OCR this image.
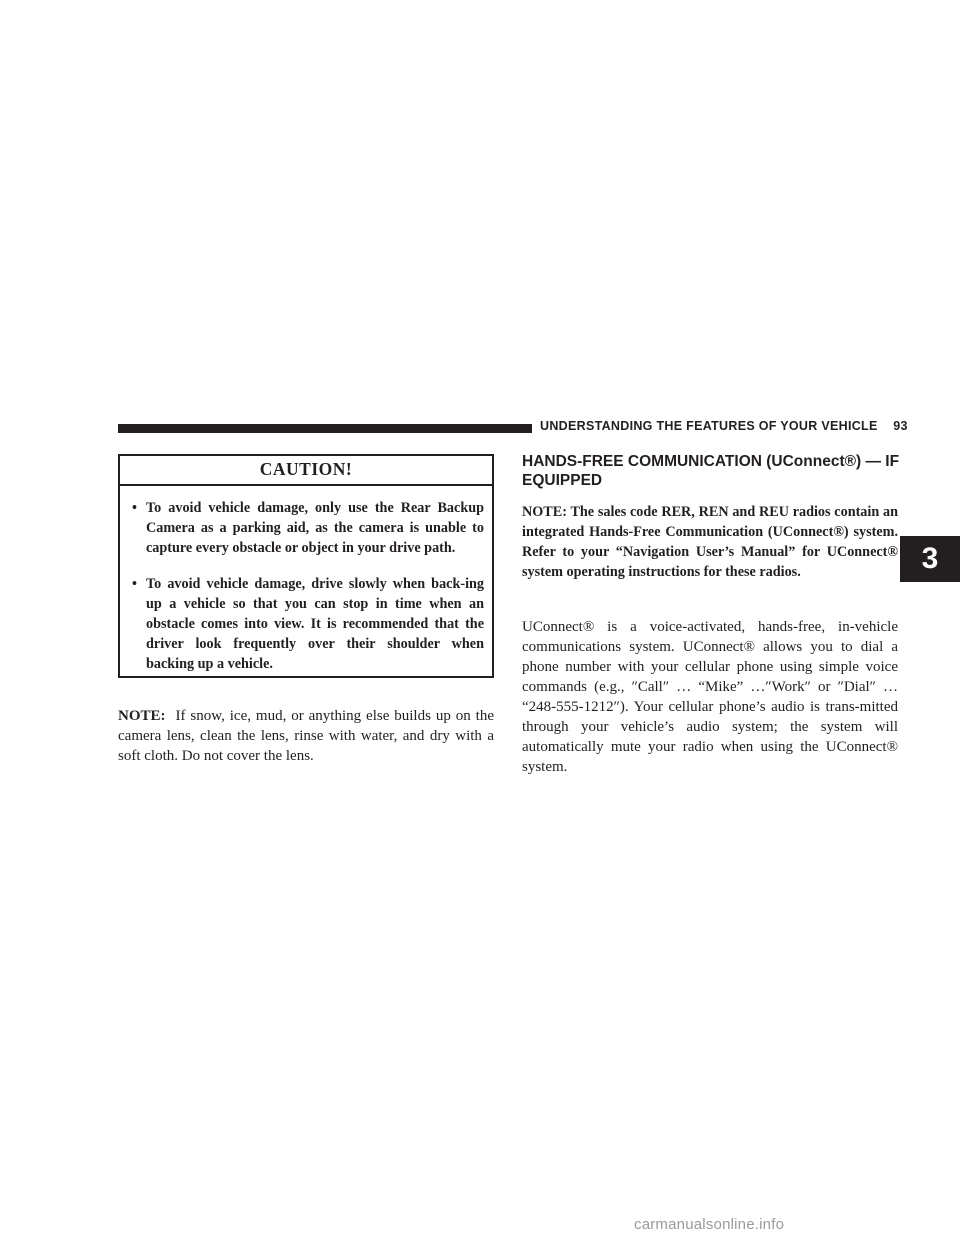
UNDERSTANDING THE FEATURES OF YOUR VEHICLE 93
3
CAUTION!
• To avoid vehicle damage, only use the Rear Backup Camera as a parking aid, as the camera is unable to capture every obstacle or object in your drive path.
• To avoid vehicle damage, drive slowly when back-ing up a vehicle so that you can stop in time when an obstacle comes into view. It is recommended that the driver look frequently over their shoulder when backing up a vehicle.
NOTE: If snow, ice, mud, or anything else builds up on the camera lens, clean the lens, rinse with water, and dry with a soft cloth. Do not cover the lens.
HANDS-FREE COMMUNICATION (UConnect®) — IF EQUIPPED
NOTE: The sales code RER, REN and REU radios contain an integrated Hands-Free Communication (UConnect®) system. Refer to your “Navigation User’s Manual” for UConnect® system operating instructions for these radios.
UConnect® is a voice-activated, hands-free, in-vehicle communications system. UConnect® allows you to dial a phone number with your cellular phone using simple voice commands (e.g., ″Call″ … “Mike” …″Work″ or ″Dial″ … “248-555-1212″). Your cellular phone’s audio is trans-mitted through your vehicle’s audio system; the system will automatically mute your radio when using the UConnect® system.
carmanualsonline.info
